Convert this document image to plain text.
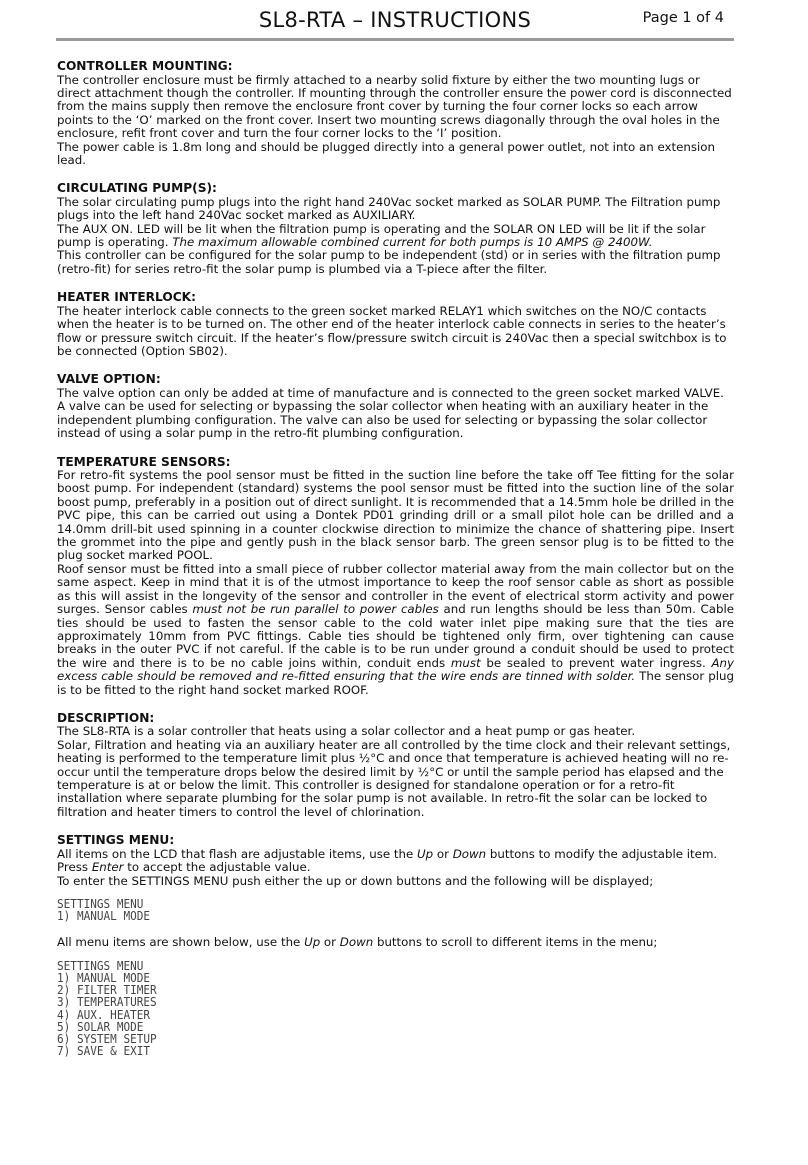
SL8-RTA – INSTRUCTIONS	Page 1 of 4
CONTROLLER MOUNTING:

The controller enclosure must be firmly attached to a nearby solid fixture by either the two mounting lugs or direct attachment though the controller. If mounting through the controller ensure the power cord is disconnected from the mains supply then remove the enclosure front cover by turning the four corner locks so each arrow points to the ‘O’ marked on the front cover. Insert two mounting screws diagonally through the oval holes in the enclosure, refit front cover and turn the four corner locks to the ‘I’ position.

The power cable is 1.8m long and should be plugged directly into a general power outlet, not into an extension lead.

CIRCULATING PUMP(S):

The solar circulating pump plugs into the right hand 240Vac socket marked as SOLAR PUMP. The Filtration pump plugs into the left hand 240Vac socket marked as AUXILIARY.

The AUX ON. LED will be lit when the filtration pump is operating and the SOLAR ON LED will be lit if the solar pump is operating. The maximum allowable combined current for both pumps is 10 AMPS @ 2400W.

This controller can be configured for the solar pump to be independent (std) or in series with the filtration pump (retro-fit) for series retro-fit the solar pump is plumbed via a T-piece after the filter.

HEATER INTERLOCK:

The heater interlock cable connects to the green socket marked RELAY1 which switches on the NO/C contacts when the heater is to be turned on. The other end of the heater interlock cable connects in series to the heater’s flow or pressure switch circuit. If the heater’s flow/pressure switch circuit is 240Vac then a special switchbox is to be connected (Option SB02).

VALVE OPTION:

The valve option can only be added at time of manufacture and is connected to the green socket marked VALVE. A valve can be used for selecting or bypassing the solar collector when heating with an auxiliary heater in the independent plumbing configuration. The valve can also be used for selecting or bypassing the solar collector instead of using a solar pump in the retro-fit plumbing configuration.

TEMPERATURE SENSORS:

For retro-fit systems the pool sensor must be fitted in the suction line before the take off Tee fitting for the solar boost pump. For independent (standard) systems the pool sensor must be fitted into the suction line of the solar boost pump, preferably in a position out of direct sunlight. It is recommended that a 14.5mm hole be drilled in the PVC pipe, this can be carried out using a Dontek PD01 grinding drill or a small pilot hole can be drilled and a 14.0mm drill-bit used spinning in a counter clockwise direction to minimize the chance of shattering pipe. Insert the grommet into the pipe and gently push in the black sensor barb. The green sensor plug is to be fitted to the plug socket marked POOL.

Roof sensor must be fitted into a small piece of rubber collector material away from the main collector but on the same aspect. Keep in mind that it is of the utmost importance to keep the roof sensor cable as short as possible as this will assist in the longevity of the sensor and controller in the event of electrical storm activity and power surges. Sensor cables must not be run parallel to power cables and run lengths should be less than 50m. Cable ties should be used to fasten the sensor cable to the cold water inlet pipe making sure that the ties are approximately 10mm from PVC fittings. Cable ties should be tightened only firm, over tightening can cause breaks in the outer PVC if not careful. If the cable is to be run under ground a conduit should be used to protect the wire and there is to be no cable joins within, conduit ends must be sealed to prevent water ingress. Any excess cable should be removed and re-fitted ensuring that the wire ends are tinned with solder. The sensor plug is to be fitted to the right hand socket marked ROOF.

DESCRIPTION:

The SL8-RTA is a solar controller that heats using a solar collector and a heat pump or gas heater.

Solar, Filtration and heating via an auxiliary heater are all controlled by the time clock and their relevant settings, heating is performed to the temperature limit plus ½°C and once that temperature is achieved heating will no re-occur until the temperature drops below the desired limit by ½°C or until the sample period has elapsed and the temperature is at or below the limit. This controller is designed for standalone operation or for a retro-fit installation where separate plumbing for the solar pump is not available. In retro-fit the solar can be locked to filtration and heater timers to control the level of chlorination.

SETTINGS MENU:

All items on the LCD that flash are adjustable items, use the Up or Down buttons to modify the adjustable item.

Press Enter to accept the adjustable value.

To enter the SETTINGS MENU push either the up or down buttons and the following will be displayed;

SETTINGS MENU
1) MANUAL MODE

All menu items are shown below, use the Up or Down buttons to scroll to different items in the menu;

SETTINGS MENU
1) MANUAL MODE
2) FILTER TIMER
3) TEMPERATURES
4) AUX. HEATER
5) SOLAR MODE
6) SYSTEM SETUP
7) SAVE & EXIT
